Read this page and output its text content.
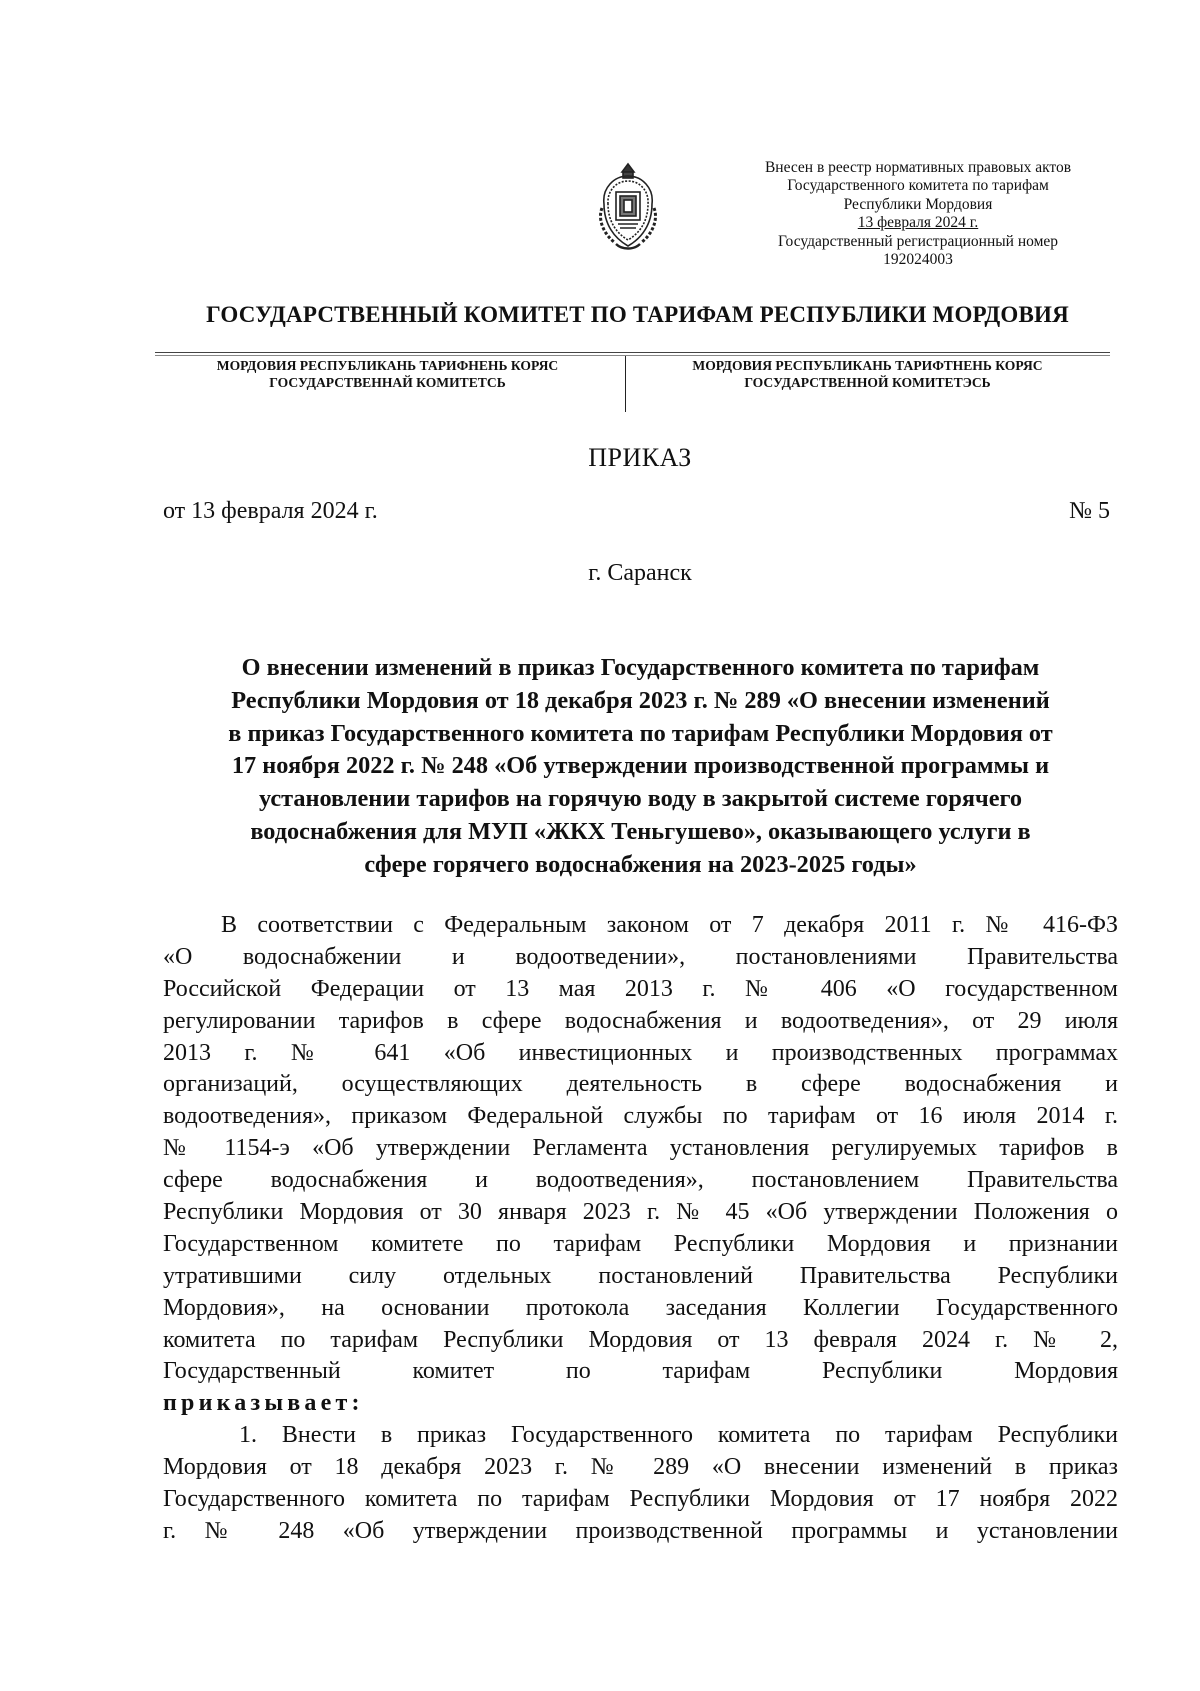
Внесен в реестр нормативных правовых актов
Государственного комитета по тарифам
Республики Мордовия
13 февраля 2024 г.
Государственный регистрационный номер
192024003
ГОСУДАРСТВЕННЫЙ КОМИТЕТ ПО ТАРИФАМ РЕСПУБЛИКИ МОРДОВИЯ
МОРДОВИЯ РЕСПУБЛИКАНЬ ТАРИФНЕНЬ КОРЯС
ГОСУДАРСТВЕННАЙ КОМИТЕТСЬ
МОРДОВИЯ РЕСПУБЛИКАНЬ ТАРИФТНЕНЬ КОРЯС
ГОСУДАРСТВЕННОЙ КОМИТЕТЭСЬ
ПРИКАЗ
от 13 февраля 2024 г.	№ 5
г. Саранск
О внесении изменений в приказ Государственного комитета по тарифам
Республики Мордовия от 18 декабря 2023 г. № 289 «О внесении изменений
в приказ Государственного комитета по тарифам Республики Мордовия от
17 ноября 2022 г. № 248 «Об утверждении производственной программы и
установлении тарифов на горячую воду в закрытой системе горячего
водоснабжения для МУП «ЖКХ Теньгушево», оказывающего услуги в
сфере горячего водоснабжения на 2023-2025 годы»
В соответствии с Федеральным законом от 7 декабря 2011 г. № 416-ФЗ
«О водоснабжении и водоотведении», постановлениями Правительства
Российской Федерации от 13 мая 2013 г. № 406 «О государственном
регулировании тарифов в сфере водоснабжения и водоотведения», от 29 июля
2013 г. № 641 «Об инвестиционных и производственных программах
организаций, осуществляющих деятельность в сфере водоснабжения и
водоотведения», приказом Федеральной службы по тарифам от 16 июля 2014 г.
№ 1154-э «Об утверждении Регламента установления регулируемых тарифов в
сфере водоснабжения и водоотведения», постановлением Правительства
Республики Мордовия от 30 января 2023 г. № 45 «Об утверждении Положения о
Государственном комитете по тарифам Республики Мордовия и признании
утратившими силу отдельных постановлений Правительства Республики
Мордовия», на основании протокола заседания Коллегии Государственного
комитета по тарифам Республики Мордовия от 13 февраля 2024 г. № 2,
Государственный комитет по тарифам Республики Мордовия
приказывает:
1. Внести в приказ Государственного комитета по тарифам Республики
Мордовия от 18 декабря 2023 г. № 289 «О внесении изменений в приказ
Государственного комитета по тарифам Республики Мордовия от 17 ноября 2022
г. № 248 «Об утверждении производственной программы и установлении
